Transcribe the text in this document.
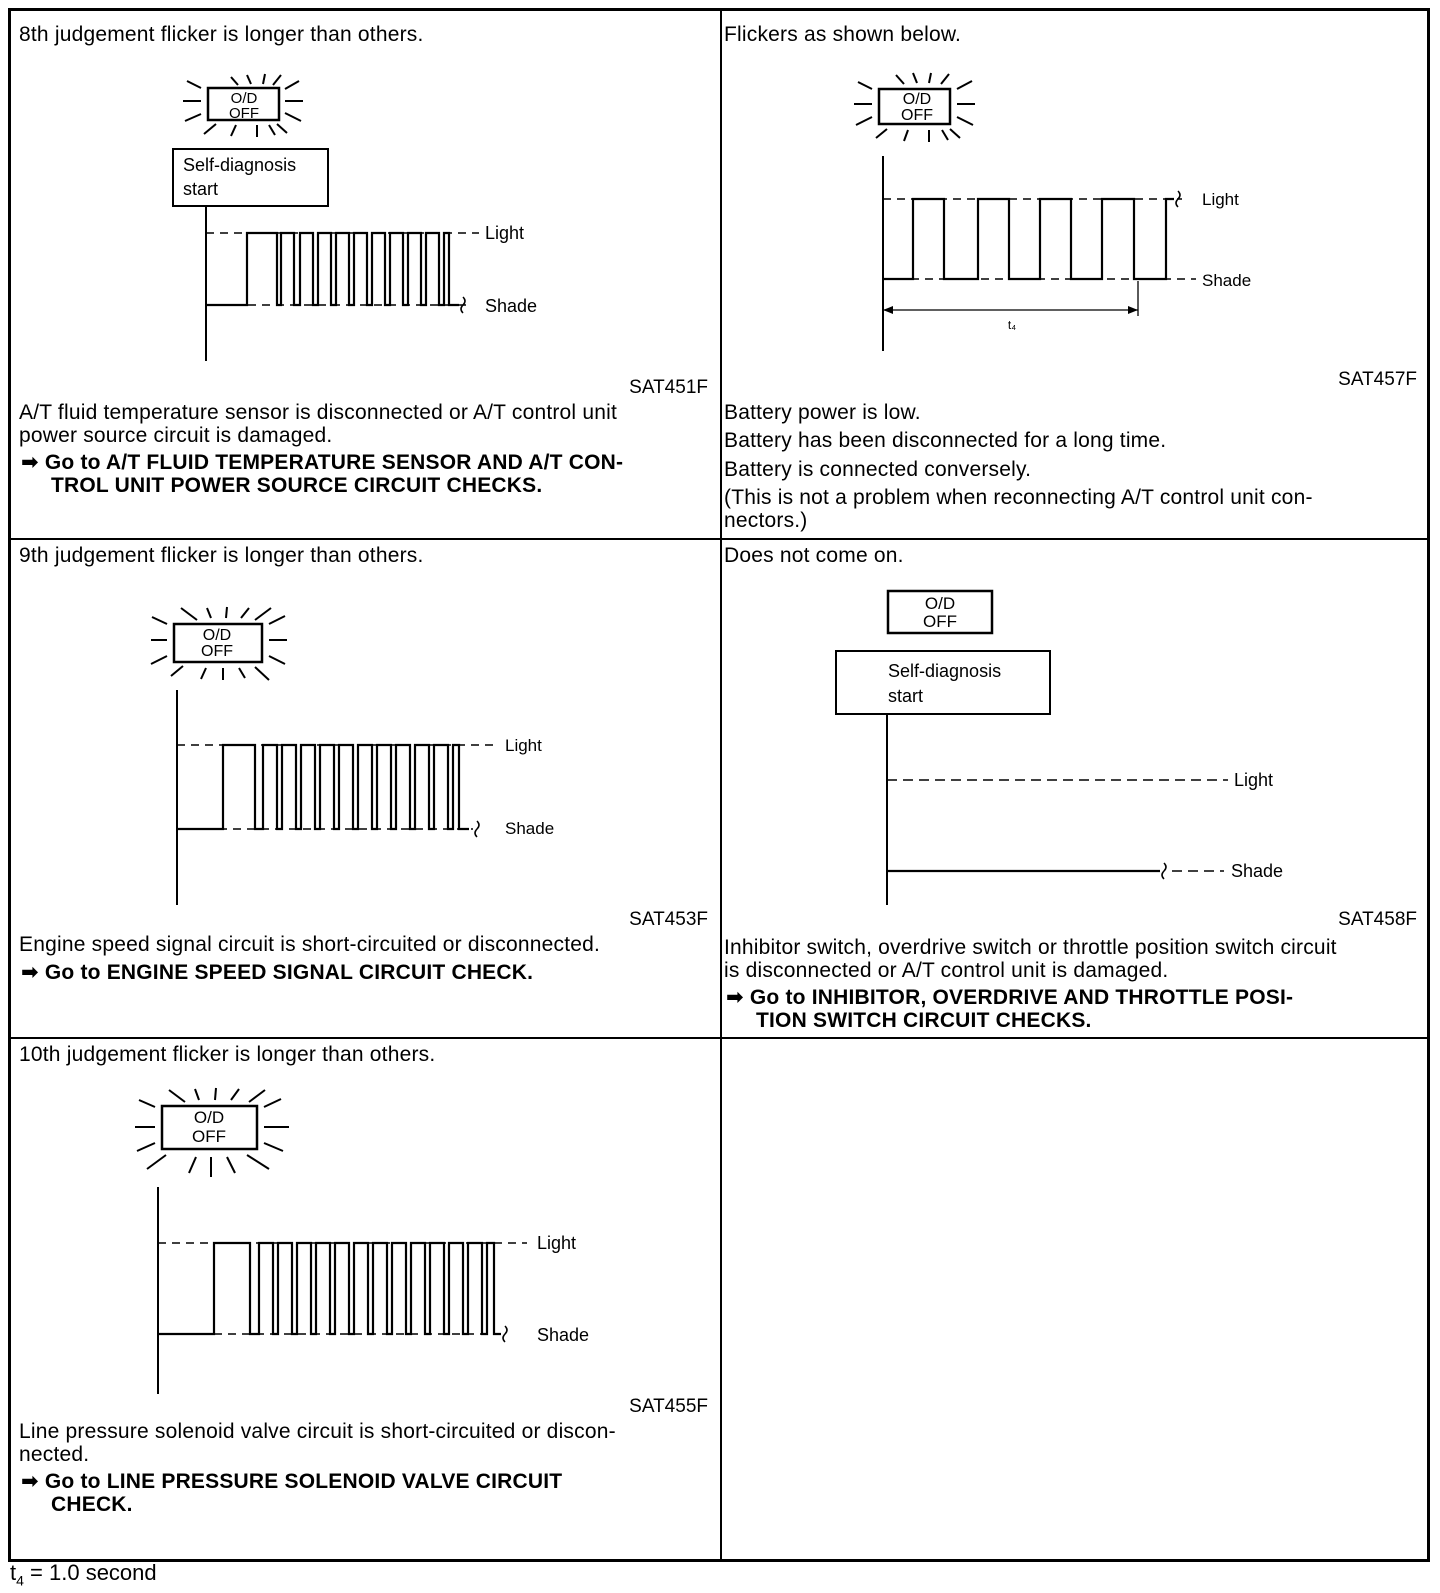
8th judgement flicker is longer than others.
O/D
OFF
Self-diagnosis
start
Light
Shade
SAT451F
A/T fluid temperature sensor is disconnected or A/T control unit
power source circuit is damaged.
➡ Go to A/T FLUID TEMPERATURE SENSOR AND A/T CON-
TROL UNIT POWER SOURCE CIRCUIT CHECKS.
Flickers as shown below.
O/D
OFF
Light
Shade
t₄
SAT457F
Battery power is low.
Battery has been disconnected for a long time.
Battery is connected conversely.
(This is not a problem when reconnecting A/T control unit con-
nectors.)
9th judgement flicker is longer than others.
O/D
OFF
Light
Shade
SAT453F
Engine speed signal circuit is short-circuited or disconnected.
➡ Go to ENGINE SPEED SIGNAL CIRCUIT CHECK.
Does not come on.
O/D
OFF
Self-diagnosis
start
Light
Shade
SAT458F
Inhibitor switch, overdrive switch or throttle position switch circuit
is disconnected or A/T control unit is damaged.
➡ Go to INHIBITOR, OVERDRIVE AND THROTTLE POSI-
TION SWITCH CIRCUIT CHECKS.
10th judgement flicker is longer than others.
O/D
OFF
Light
Shade
SAT455F
Line pressure solenoid valve circuit is short-circuited or discon-
nected.
➡ Go to LINE PRESSURE SOLENOID VALVE CIRCUIT
CHECK.
$t_4 = 1.0$ second
